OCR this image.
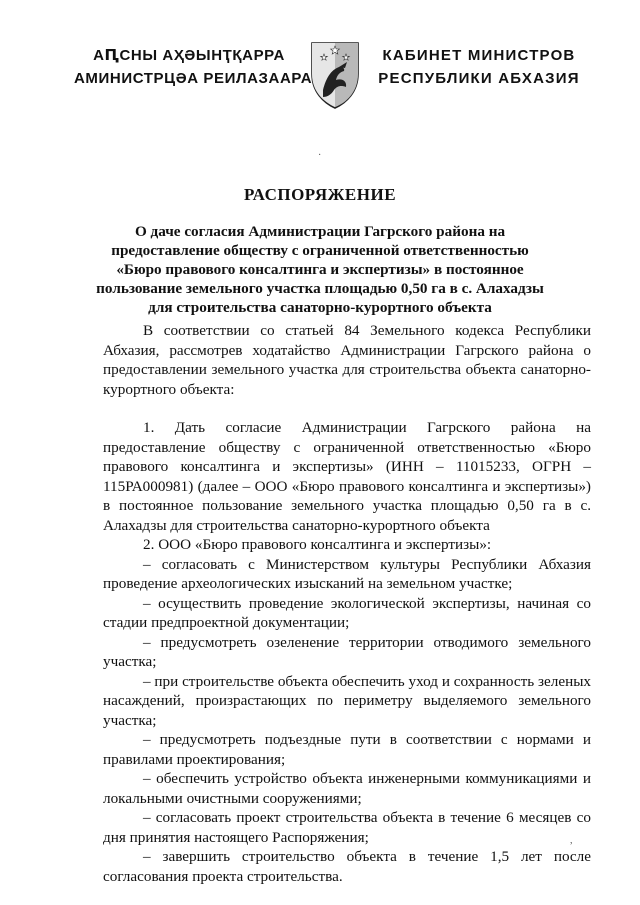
АԤСНЫ АҲӘЫНҬҚАРРА
АМИНИСТРЦӘА РЕИЛАЗААРА
КАБИНЕТ МИНИСТРОВ
РЕСПУБЛИКИ АБХАЗИЯ
·
РАСПОРЯЖЕНИЕ
О даче согласия Администрации Гагрского района на предоставление обществу с ограниченной ответственностью «Бюро правового консалтинга и экспертизы» в постоянное пользование земельного участка площадью 0,50 га в с. Алахадзы для строительства санаторно-курортного объекта

В соответствии со статьей 84 Земельного кодекса Республики Абхазия, рассмотрев ходатайство Администрации Гагрского района о предоставлении земельного участка для строительства объекта санаторно-курортного объекта:

1. Дать согласие Администрации Гагрского района на предоставление обществу с ограниченной ответственностью «Бюро правового консалтинга и экспертизы» (ИНН – 11015233, ОГРН – 115РА000981) (далее – ООО «Бюро правового консалтинга и экспертизы») в постоянное пользование земельного участка площадью 0,50 га в с. Алахадзы для строительства санаторно-курортного объекта

2. ООО «Бюро правового консалтинга и экспертизы»:

– согласовать с Министерством культуры Республики Абхазия проведение археологических изысканий на земельном участке;

– осуществить проведение экологической экспертизы, начиная со стадии предпроектной документации;

– предусмотреть озеленение территории отводимого земельного участка;

– при строительстве объекта обеспечить уход и сохранность зеленых насаждений, произрастающих по периметру выделяемого земельного участка;

– предусмотреть подъездные пути в соответствии с нормами и правилами проектирования;

– обеспечить устройство объекта инженерными коммуникациями и локальными очистными сооружениями;

– согласовать проект строительства объекта в течение 6 месяцев со дня принятия настоящего Распоряжения;

– завершить строительство объекта в течение 1,5 лет после согласования проекта строительства.

,
